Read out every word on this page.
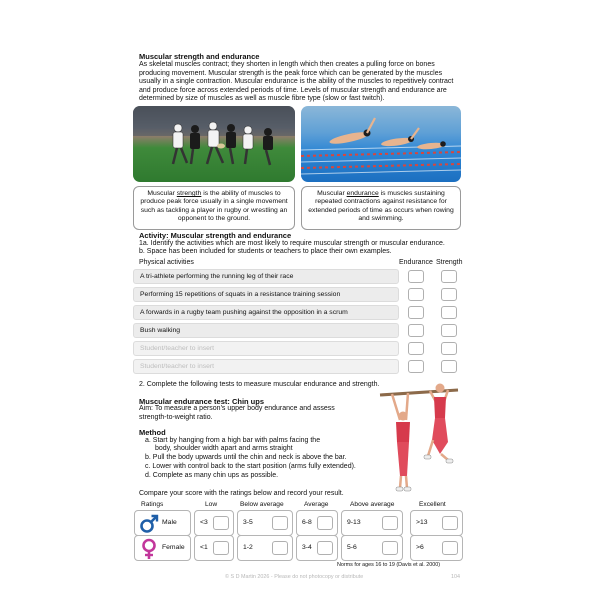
Muscular strength and endurance
As skeletal muscles contract; they shorten in length which then creates a pulling force on bones producing movement. Muscular strength is the peak force which can be generated by the muscles usually in a single contraction. Muscular endurance is the ability of the muscles to repetitively contract and produce force across extended periods of time. Levels of muscular strength and endurance are determined by size of muscles as well as muscle fibre type (slow or fast twitch).
Muscular strength is the ability of muscles to produce peak force usually in a single movement such as tackling a player in rugby or wrestling an opponent to the ground.
Muscular endurance is muscles sustaining repeated contractions against resistance for extended periods of time as occurs when rowing and swimming.
Activity: Muscular strength and endurance
1a. Identify the activities which are most likely to require muscular strength or muscular endurance.
b. Space has been included for students or teachers to place their own examples.
Physical activities	Endurance Strength
A tri-athlete performing the running leg of their race
Performing 15 repetitions of squats in a resistance training session
A forwards in a rugby team pushing against the opposition in a scrum
Bush walking
Student/teacher to insert
Student/teacher to insert
2. Complete the following tests to measure muscular endurance and strength.
Muscular endurance test: Chin ups
Aim: To measure a person's upper body endurance and assess strength-to-weight ratio.
Method
a. Start by hanging from a high bar with palms facing the
body, shoulder width apart and arms straight
b. Pull the body upwards until the chin and neck is above the bar.
c. Lower with control back to the start position (arms fully extended).
d. Complete as many chin ups as possible.
Compare your score with the ratings below and record your result.
Ratings	Low	Below average	Average	Above average	Excellent
Male	<3	3-5	6-8	9-13	>13
Female <1	1-2	3-4	5-6	>6
Norms for ages 16 to 19 (Davis et al. 2000)
© S D Martin 2026 - Please do not photocopy or distribute	104
